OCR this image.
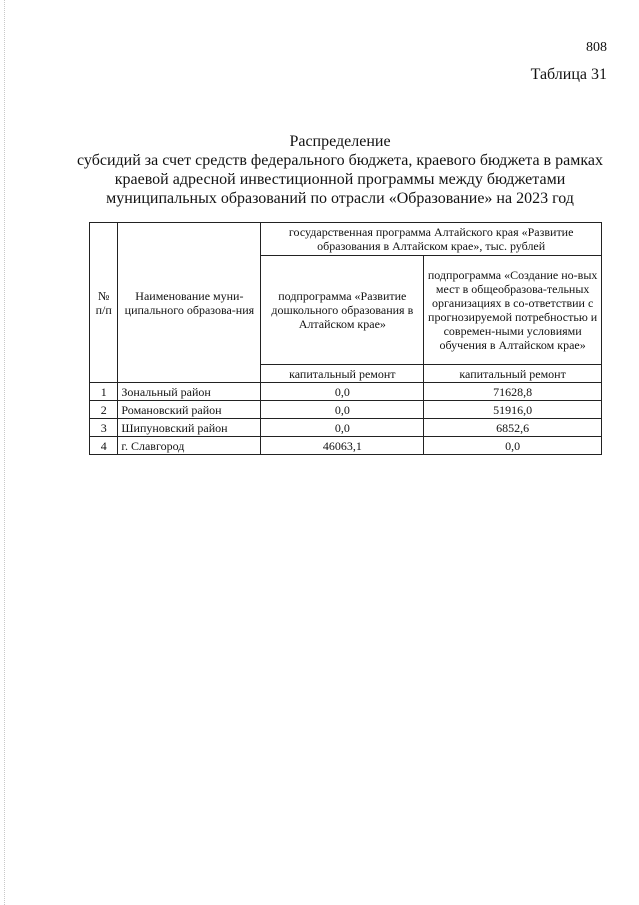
808
Таблица 31
Распределение
субсидий за счет средств федерального бюджета, краевого бюджета в рамках
краевой адресной инвестиционной программы между бюджетами
муниципальных образований по отрасли «Образование» на 2023 год
№ п/п	Наименование муни-ципального образова-ния	государственная программа Алтайского края «Развитие образования в Алтайском крае», тыс. рублей	
		подпрограмма «Развитие дошкольного образования в Алтайском крае»	подпрограмма «Создание но-вых мест в общеобразова-тельных организациях в со-ответствии с прогнозируемой потребностью и современ-ными условиями обучения в Алтайском крае»
		капитальный ремонт	капитальный ремонт
1	Зональный район	0,0	71628,8
2	Романовский район	0,0	51916,0
3	Шипуновский район	0,0	6852,6
4	г. Славгород	46063,1	0,0
